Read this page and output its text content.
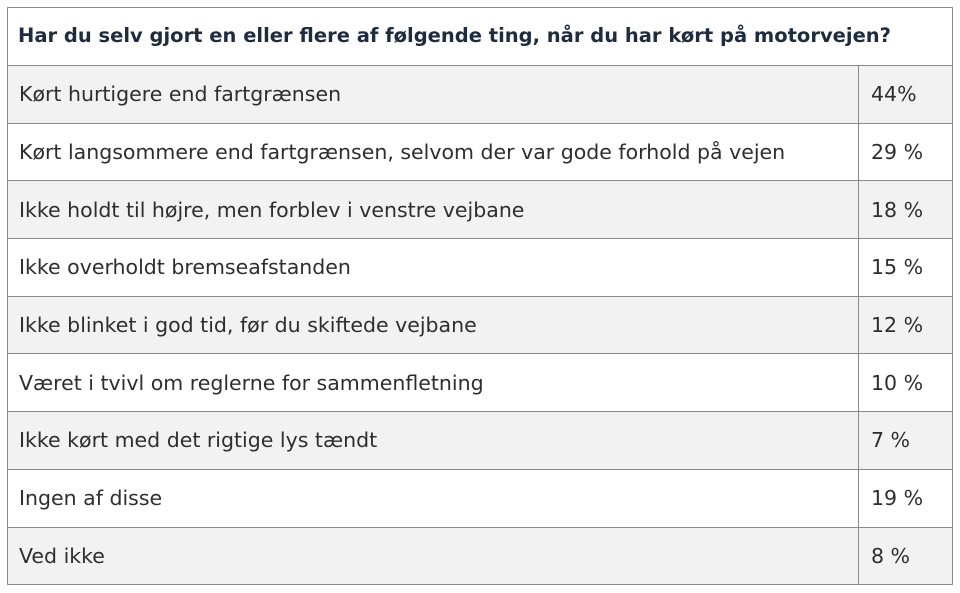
Har du selv gjort en eller flere af følgende ting, når du har kørt på motorvejen?	
Kørt hurtigere end fartgrænsen	44%
Kørt langsommere end fartgrænsen, selvom der var gode forhold på vejen	29 %
Ikke holdt til højre, men forblev i venstre vejbane	18 %
Ikke overholdt bremseafstanden	15 %
Ikke blinket i god tid, før du skiftede vejbane	12 %
Været i tvivl om reglerne for sammenfletning	10 %
Ikke kørt med det rigtige lys tændt	7 %
Ingen af disse	19 %
Ved ikke	8 %
